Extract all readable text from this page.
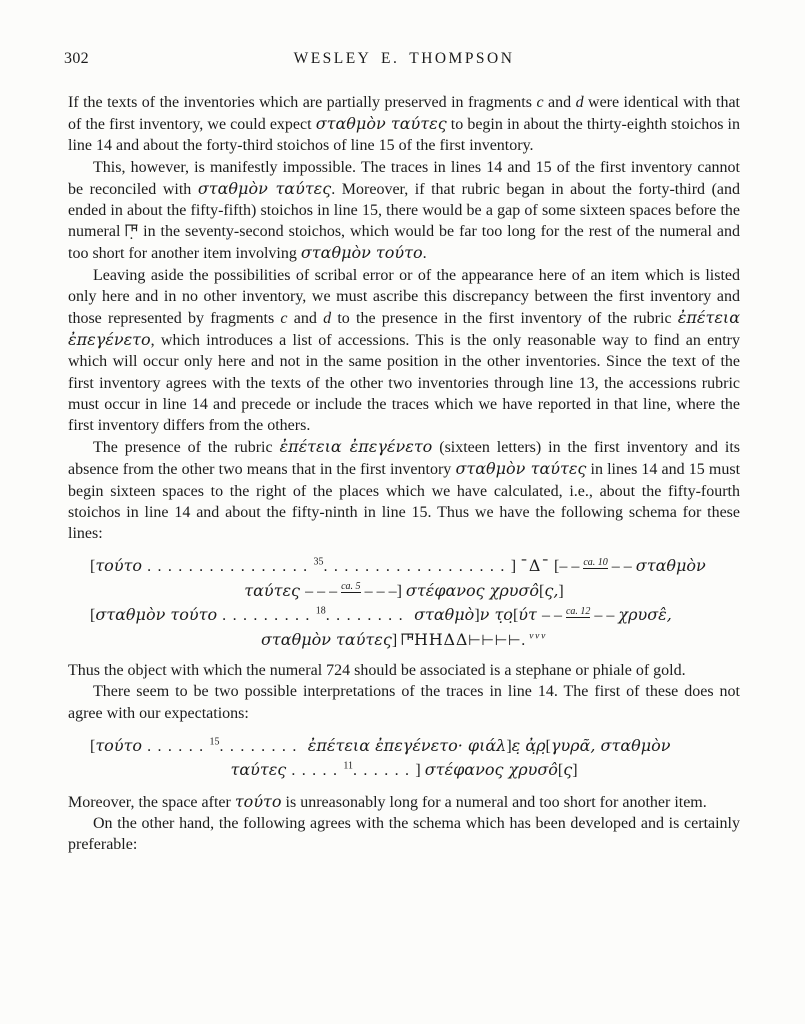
302	WESLEY E. THOMPSON

If the texts of the inventories which are partially preserved in fragments c and d were identical with that of the first inventory, we could expect σταθμὸν ταύτες to begin in about the thirty-eighth stoichos in line 14 and about the forty-third stoichos of line 15 of the first inventory.

This, however, is manifestly impossible. The traces in lines 14 and 15 of the first inventory cannot be reconciled with σταθμὸν ταύτες. Moreover, if that rubric began in about the forty-third (and ended in about the fifty-fifth) stoichos in line 15, there would be a gap of some sixteen spaces before the numeral  in the seventy-second stoichos, which would be far too long for the rest of the numeral and too short for another item involving σταθμὸν τούτο.

Leaving aside the possibilities of scribal error or of the appearance here of an item which is listed only here and in no other inventory, we must ascribe this discrepancy between the first inventory and those represented by fragments c and d to the presence in the first inventory of the rubric ἐπέτεια ἐπεγένετο, which introduces a list of accessions. This is the only reasonable way to find an entry which will occur only here and not in the same position in the other inventories. Since the text of the first inventory agrees with the texts of the other two inventories through line 13, the accessions rubric must occur in line 14 and precede or include the traces which we have reported in that line, where the first inventory differs from the others.

The presence of the rubric ἐπέτεια ἐπεγένετο (sixteen letters) in the first inventory and its absence from the other two means that in the first inventory σταθμὸν ταύτες in lines 14 and 15 must begin sixteen spaces to the right of the places which we have calculated, i.e., about the fifty-fourth stoichos in line 14 and about the fifty-ninth in line 15. Thus we have the following schema for these lines:

[τούτο ................$^{35}$..................] ¯Δ¯ [– – $^{ca. 10}$ – – σταθμὸν
ταύτες – – – $^{ca. 5}$ – – –] στέφανος χρυσο̂[ς,]
[σταθμὸν τούτο .........$^{18}$........ σταθμὸ]ν τ̣ο̣[ύτ – – $^{ca. 12}$ – – χρυσε̂,
σταθμὸν ταύτες] ΗΗΔΔ⊢⊢⊢⊢. $^{vvv}$

Thus the object with which the numeral 724 should be associated is a stephane or phiale of gold.

There seem to be two possible interpretations of the traces in line 14. The first of these does not agree with our expectations:

[τούτο ......$^{15}$........ ἐπέτεια ἐπεγένετο· φιάλ]ε̣ ἀ̣ρ̣[γυρᾶ, σταθμὸν
ταύτες .....$^{11}$......] στέφανος χρυσο̂[ς]

Moreover, the space after τούτο is unreasonably long for a numeral and too short for another item.

On the other hand, the following agrees with the schema which has been developed and is certainly preferable:
